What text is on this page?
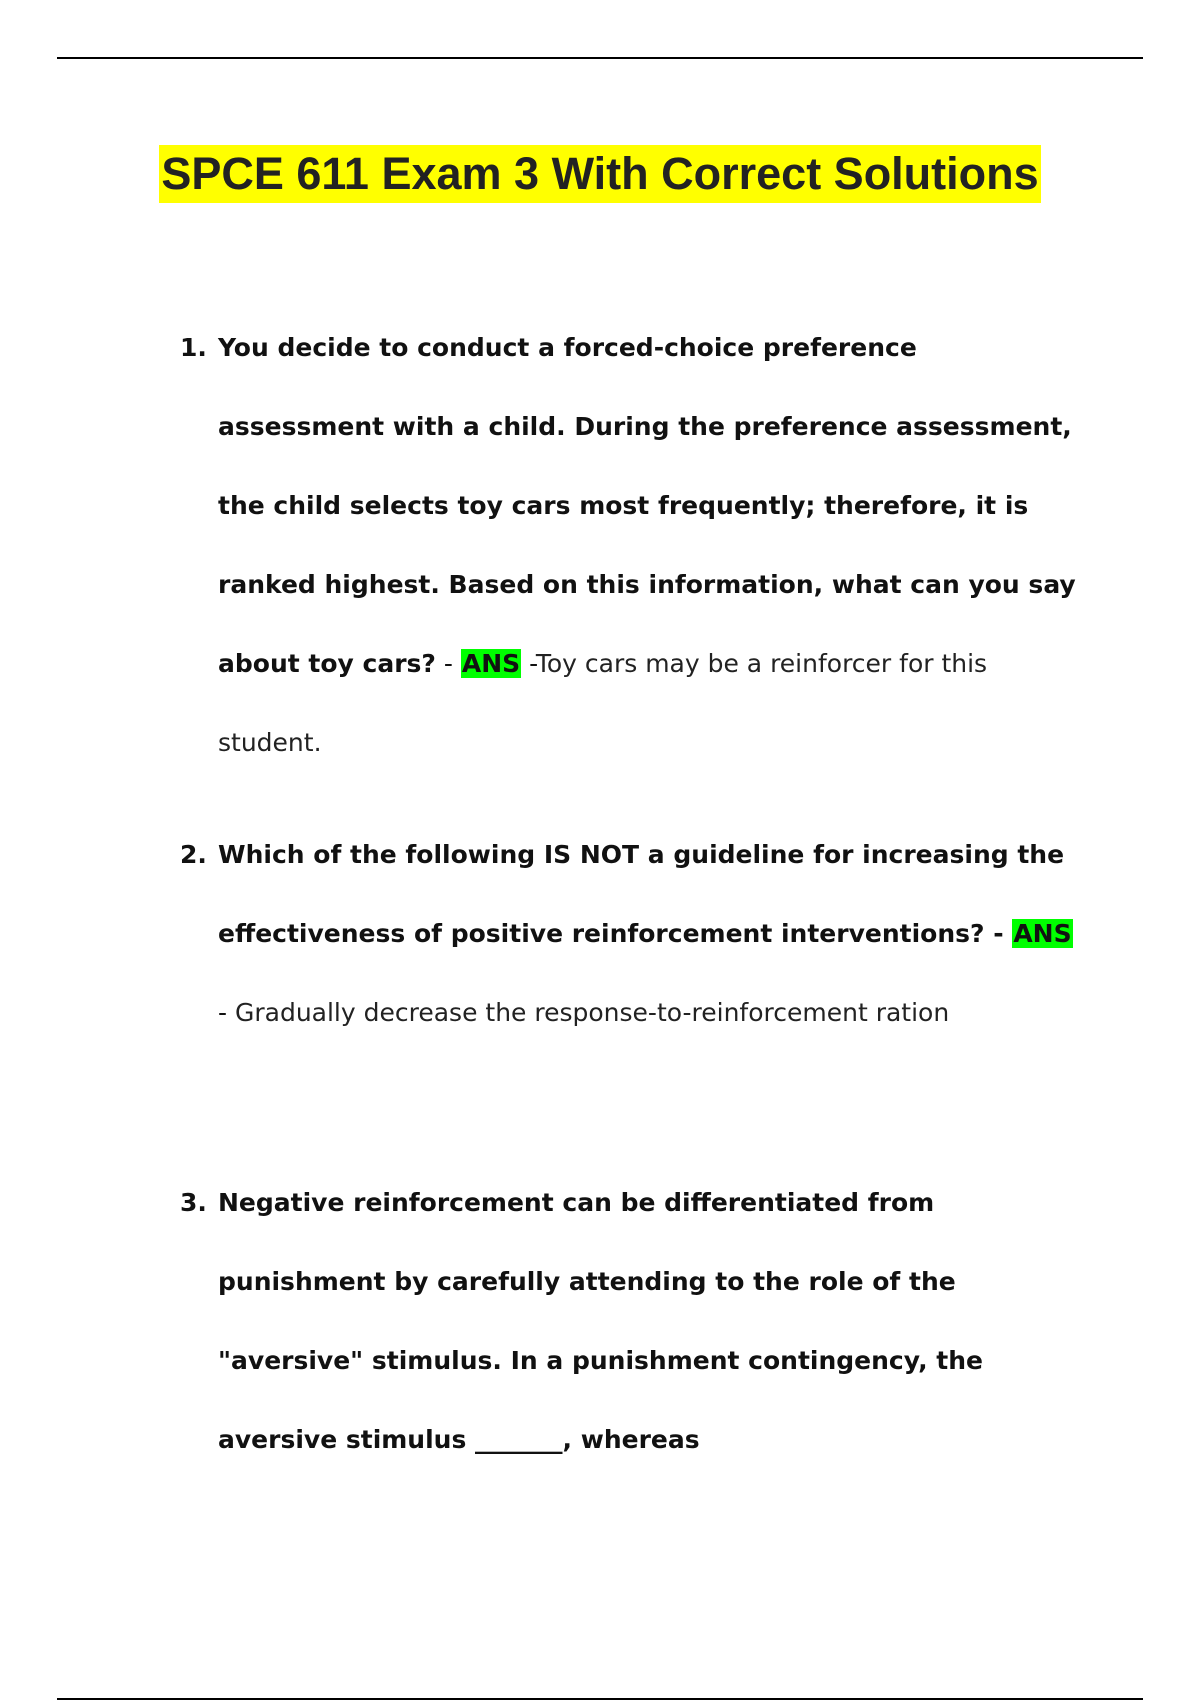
SPCE 611 Exam 3 With Correct Solutions
1. You decide to conduct a forced-choice preference assessment with a child. During the preference assessment, the child selects toy cars most frequently; therefore, it is ranked highest. Based on this information, what can you say about toy cars? - ANS -Toy cars may be a reinforcer for this student.
2. Which of the following IS NOT a guideline for increasing the effectiveness of positive reinforcement interventions? - ANS - Gradually decrease the response-to-reinforcement ration
3. Negative reinforcement can be differentiated from punishment by carefully attending to the role of the "aversive" stimulus. In a punishment contingency, the aversive stimulus _______, whereas
